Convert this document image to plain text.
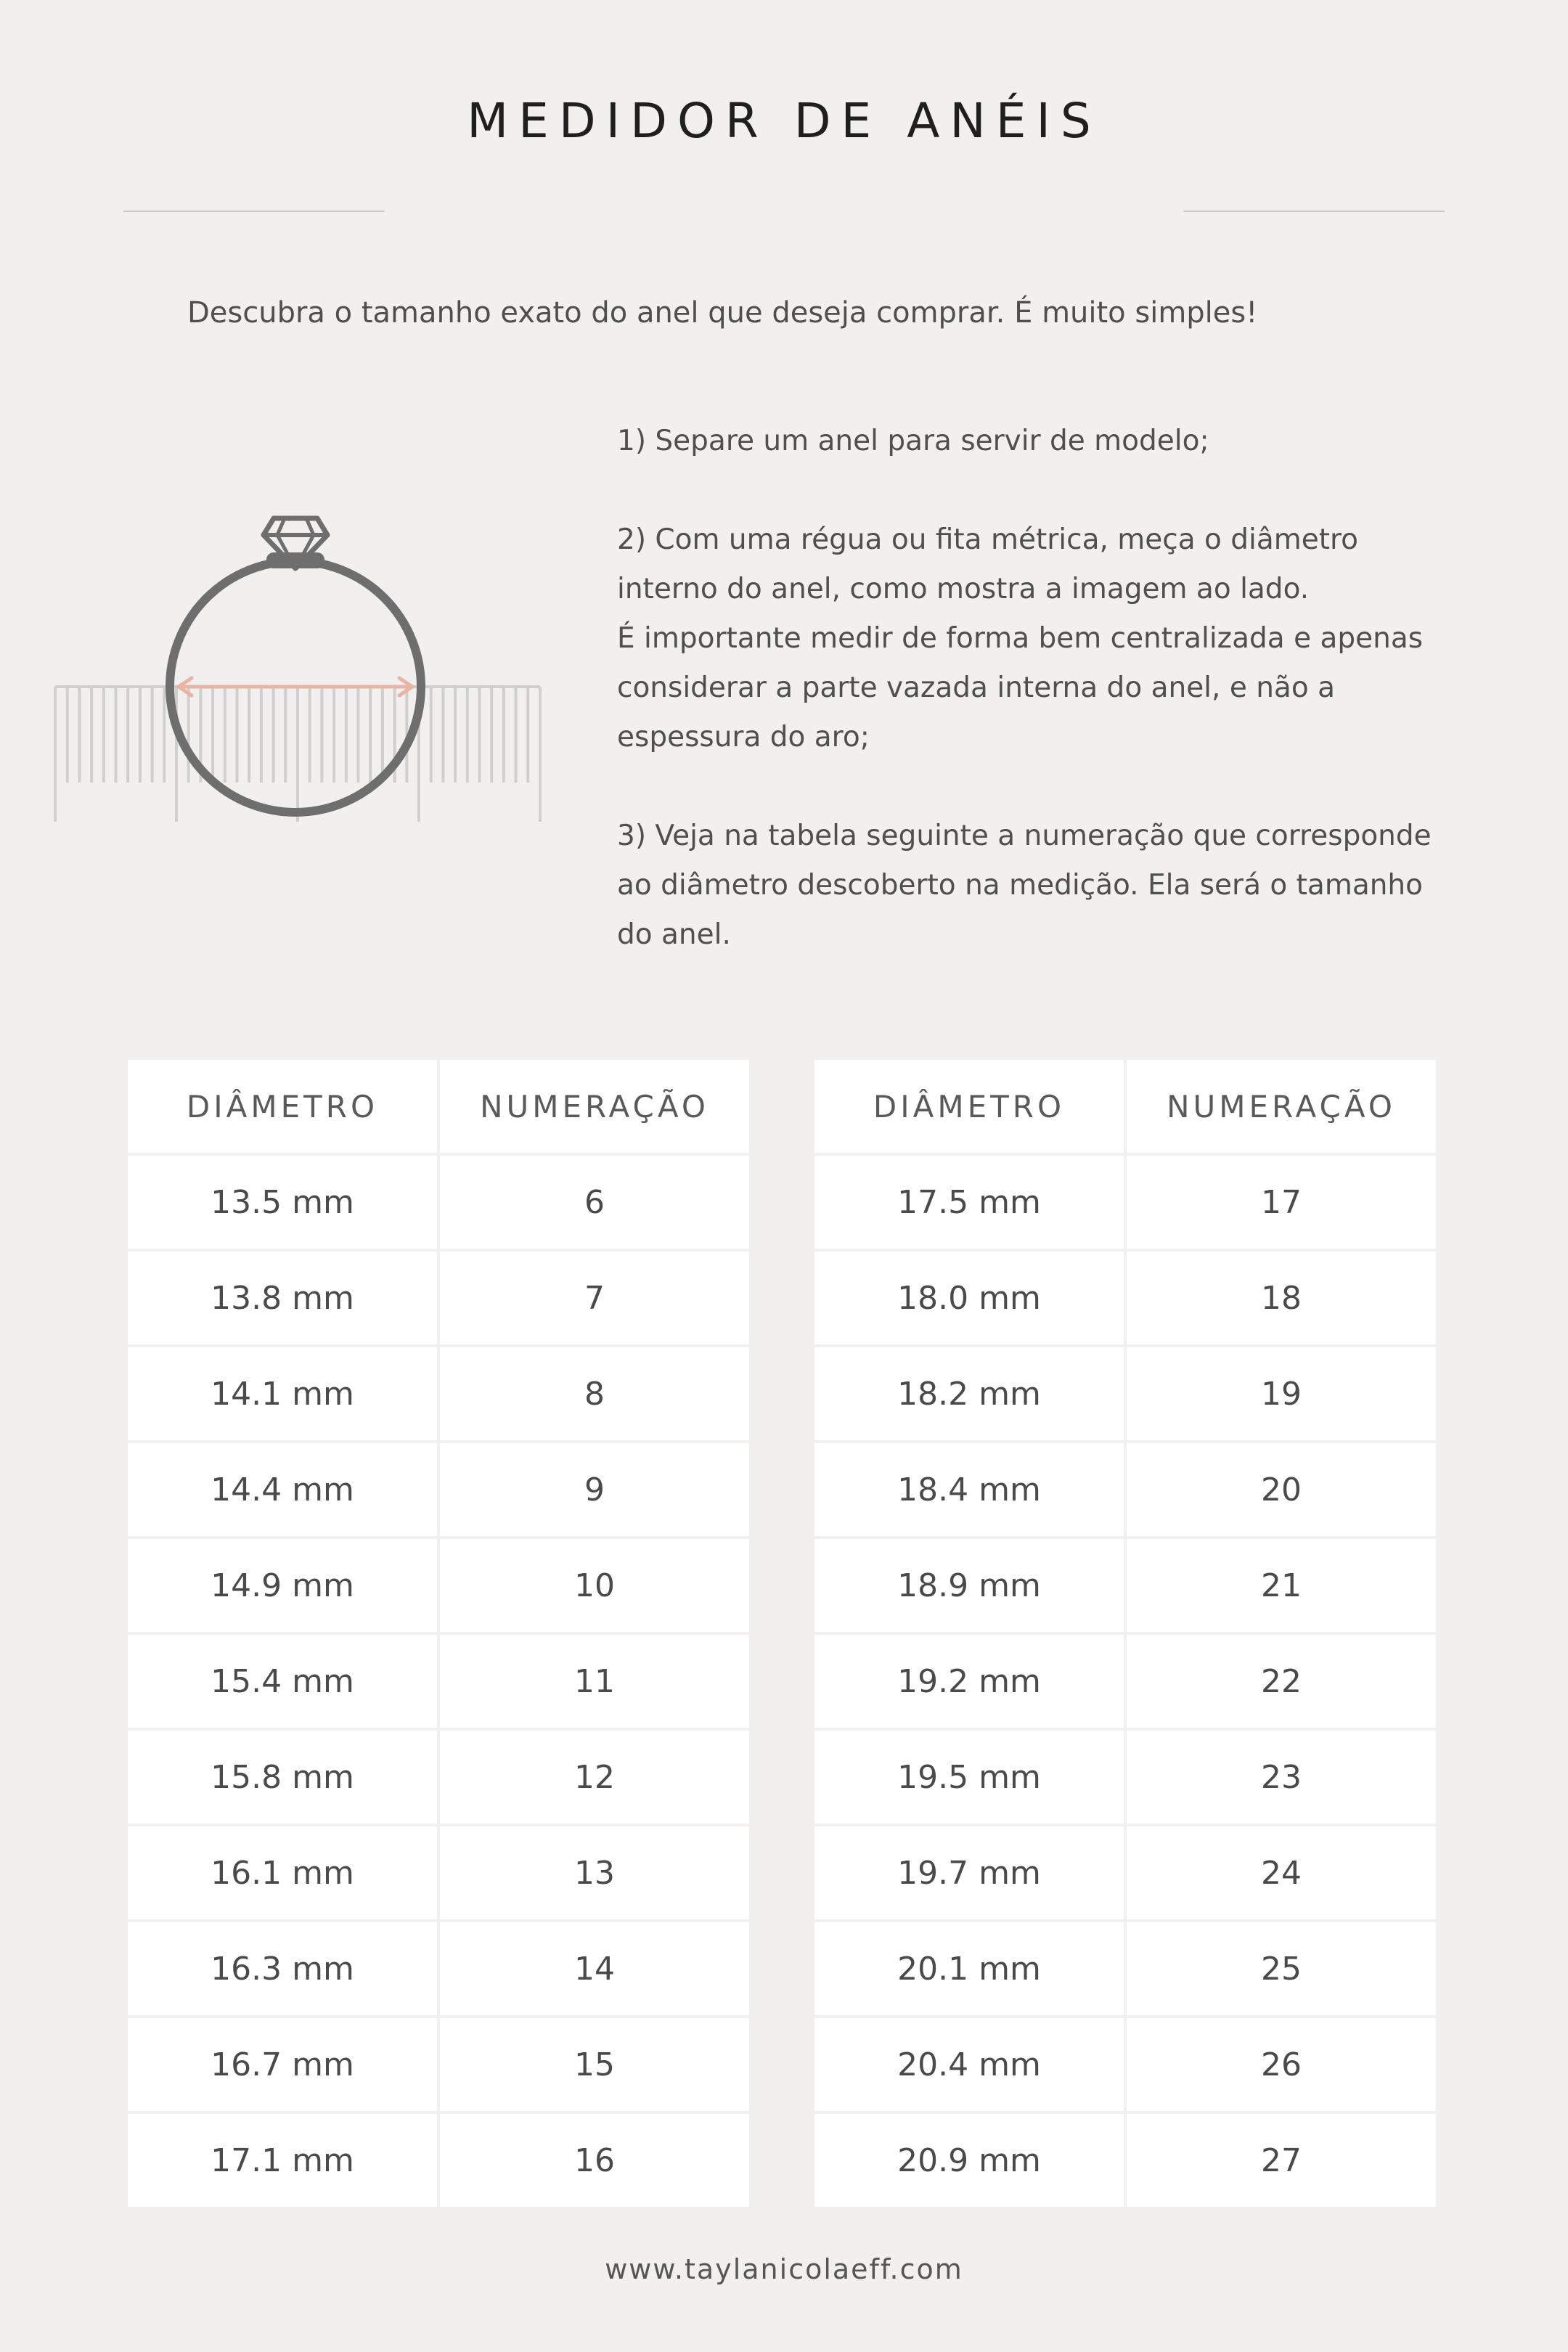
MEDIDOR DE ANÉIS
Descubra o tamanho exato do anel que deseja comprar. É muito simples!

1) Separe um anel para servir de modelo;

2) Com uma régua ou fita métrica, meça o diâmetro

interno do anel, como mostra a imagem ao lado.

É importante medir de forma bem centralizada e apenas

considerar a parte vazada interna do anel, e não a

espessura do aro;

3) Veja na tabela seguinte a numeração que corresponde

ao diâmetro descoberto na medição. Ela será o tamanho

do anel.

DIÂMETRO	NUMERAÇÃO
13.5 mm	6
13.8 mm	7
14.1 mm	8
14.4 mm	9
14.9 mm	10
15.4 mm	11
15.8 mm	12
16.1 mm	13
16.3 mm	14
16.7 mm	15
17.1 mm	16
DIÂMETRO	NUMERAÇÃO
17.5 mm	17
18.0 mm	18
18.2 mm	19
18.4 mm	20
18.9 mm	21
19.2 mm	22
19.5 mm	23
19.7 mm	24
20.1 mm	25
20.4 mm	26
20.9 mm	27
www.taylanicolaeff.com
